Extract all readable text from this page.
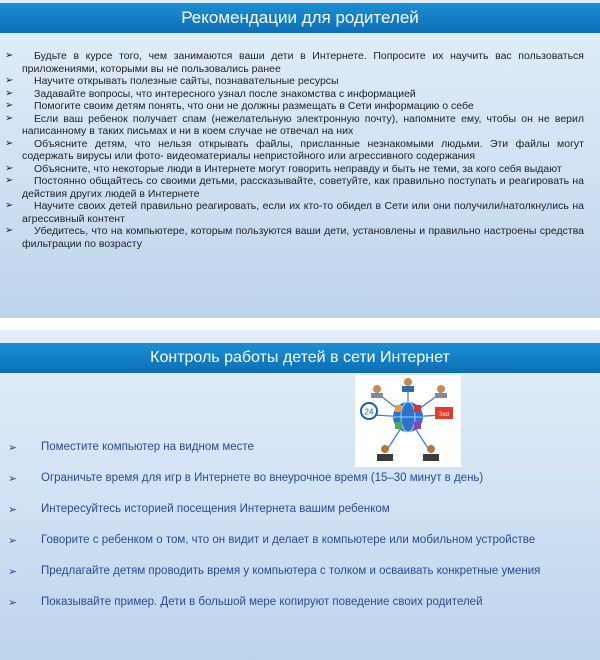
Рекомендации для родителей
➢ Будьте в курсе того, чем занимаются ваши дети в Интернете. Попросите их научить вас пользоваться приложениями, которыми вы не пользовались ранее
➢ Научите открывать полезные сайты, познавательные ресурсы
➢ Задавайте вопросы, что интересного узнал после знакомства с информацией
➢ Помогите своим детям понять, что они не должны размещать в Сети информацию о себе
➢ Если ваш ребенок получает спам (нежелательную электронную почту), напомните ему, чтобы он не верил написанному в таких письмах и ни в коем случае не отвечал на них
➢ Объясните детям, что нельзя открывать файлы, присланные незнакомыми людьми. Эти файлы могут содержать вирусы или фото- видеоматериалы непристойного или агрессивного содержания
➢ Объясните, что некоторые люди в Интернете могут говорить неправду и быть не теми, за кого себя выдают
➢ Постоянно общайтесь со своими детьми, рассказывайте, советуйте, как правильно поступать и реагировать на действия других людей в Интернете
➢ Научите своих детей правильно реагировать, если их кто-то обидел в Сети или они получили/натолкнулись на агрессивный контент
➢ Убедитесь, что на компьютере, которым пользуются ваши дети, установлены и правильно настроены средства фильтрации по возрасту
Контроль работы детей в сети Интернет
24	3ed
➢ Поместите компьютер на видном месте
➢ Ограничьте время для игр в Интернете во внеурочное время (15–30 минут в день)
➢ Интересуйтесь историей посещения Интернета вашим ребенком
➢ Говорите с ребенком о том, что он видит и делает в компьютере или мобильном устройстве
➢ Предлагайте детям проводить время у компьютера с толком и осваивать конкретные умения
➢ Показывайте пример. Дети в большой мере копируют поведение своих родителей
